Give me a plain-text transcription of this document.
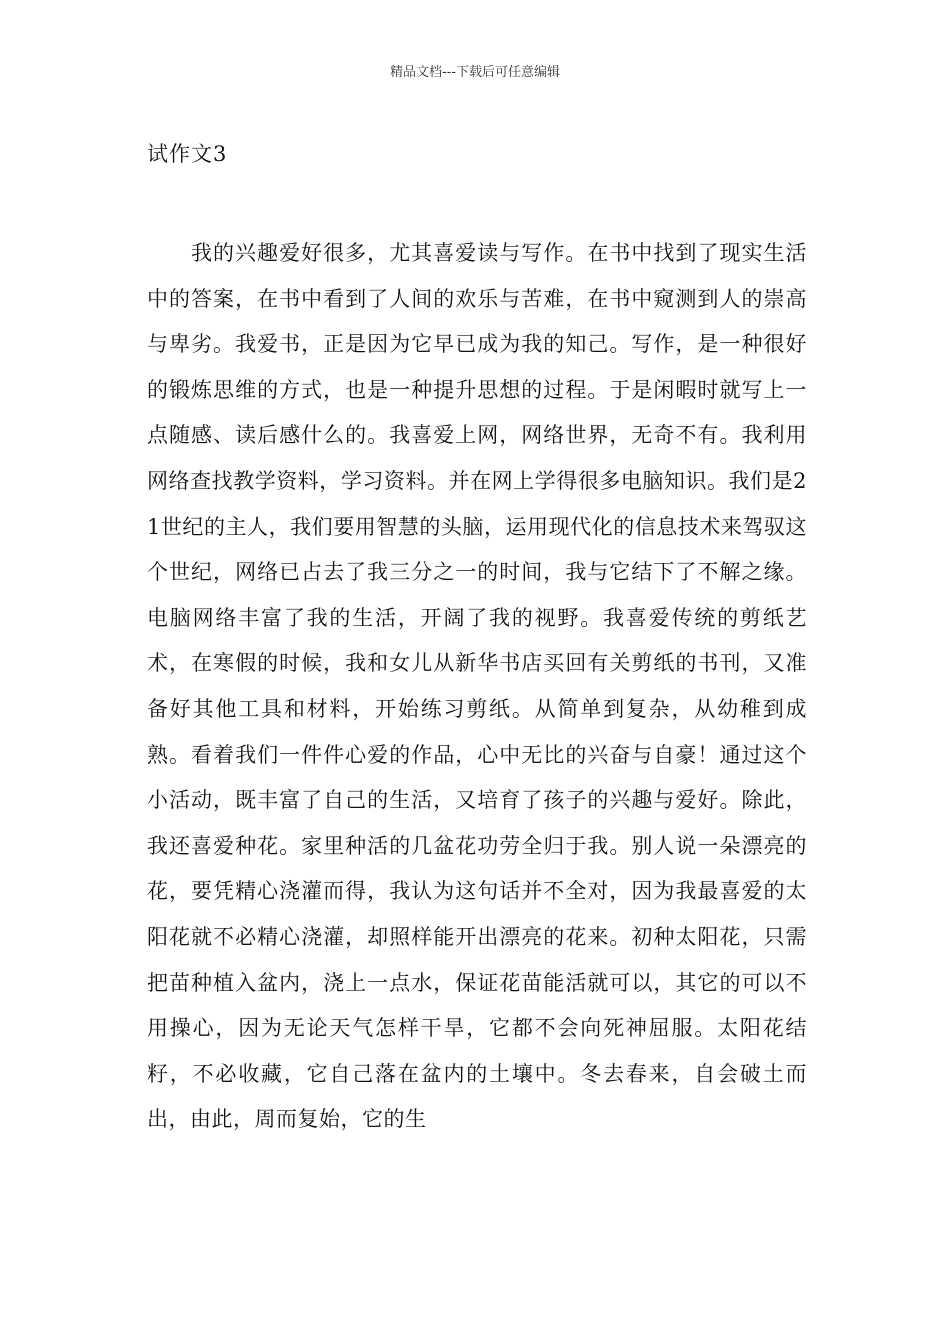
精品文档---下载后可任意编辑
试作文3

我的兴趣爱好很多，尤其喜爱读与写作。在书中找到了现实生活中的答案，在书中看到了人间的欢乐与苦难，在书中窥测到人的崇高与卑劣。我爱书，正是因为它早已成为我的知己。写作，是一种很好的锻炼思维的方式，也是一种提升思想的过程。于是闲暇时就写上一点随感、读后感什么的。我喜爱上网，网络世界，无奇不有。我利用网络查找教学资料，学习资料。并在网上学得很多电脑知识。我们是21世纪的主人，我们要用智慧的头脑，运用现代化的信息技术来驾驭这个世纪，网络已占去了我三分之一的时间，我与它结下了不解之缘。电脑网络丰富了我的生活，开阔了我的视野。我喜爱传统的剪纸艺术，在寒假的时候，我和女儿从新华书店买回有关剪纸的书刊，又准备好其他工具和材料，开始练习剪纸。从简单到复杂，从幼稚到成熟。看着我们一件件心爱的作品，心中无比的兴奋与自豪！通过这个小活动，既丰富了自己的生活，又培育了孩子的兴趣与爱好。除此，我还喜爱种花。家里种活的几盆花功劳全归于我。别人说一朵漂亮的花，要凭精心浇灌而得，我认为这句话并不全对，因为我最喜爱的太阳花就不必精心浇灌，却照样能开出漂亮的花来。初种太阳花，只需把苗种植入盆内，浇上一点水，保证花苗能活就可以，其它的可以不用操心，因为无论天气怎样干旱，它都不会向死神屈服。太阳花结籽，不必收藏，它自己落在盆内的土壤中。冬去春来，自会破土而出，由此，周而复始，它的生
